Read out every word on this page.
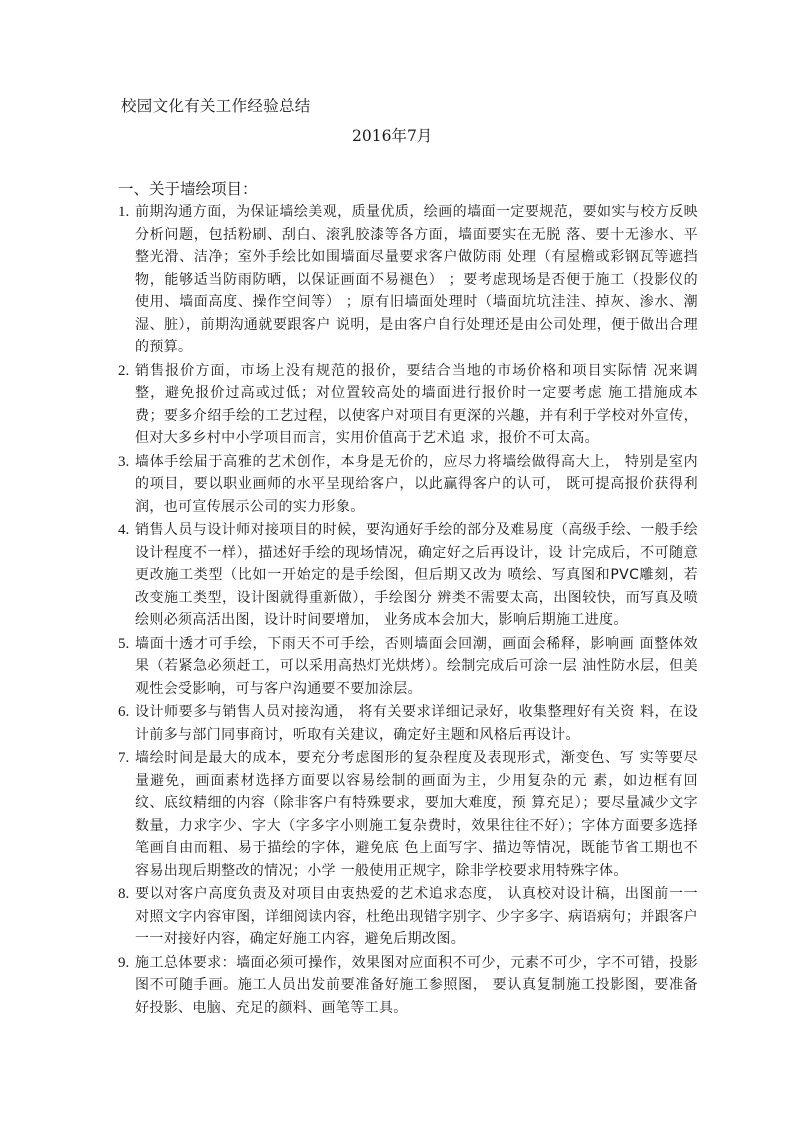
校园文化有关工作经验总结
2016年7月
一、关于墙绘项目：
1. 前期沟通方面，为保证墙绘美观，质量优质，绘画的墙面一定要规范，要如实与校方反映分析问题，包括粉刷、刮白、滚乳胶漆等各方面，墙面要实在无脱 落、要十无渗水、平整光滑、洁净；室外手绘比如围墙面尽量要求客户做防雨 处理（有屋檐或彩钢瓦等遮挡物，能够适当防雨防晒，以保证画面不易褪色） ；要考虑现场是否便于施工（投影仪的使用、墙面高度、操作空间等） ；原有旧墙面处理时（墙面坑坑洼洼、掉灰、渗水、潮湿、脏），前期沟通就要跟客户 说明，是由客户自行处理还是由公司处理，便于做出合理的预算。
2. 销售报价方面，市场上没有规范的报价，要结合当地的市场价格和项目实际情 况来调整，避免报价过高或过低；对位置较高处的墙面进行报价时一定要考虑 施工措施成本费；要多介绍手绘的工艺过程，以使客户对项目有更深的兴趣，并有利于学校对外宣传，但对大多乡村中小学项目而言，实用价值高于艺术追 求，报价不可太高。
3. 墙体手绘届于高雅的艺术创作，本身是无价的，应尽力将墙绘做得高大上， 特别是室内的项目，要以职业画师的水平呈现给客户，以此赢得客户的认可， 既可提高报价获得利润，也可宣传展示公司的实力形象。
4. 销售人员与设计师对接项目的时候，要沟通好手绘的部分及难易度（高级手绘、一般手绘设计程度不一样），描述好手绘的现场情况，确定好之后再设计，设 计完成后，不可随意更改施工类型（比如一开始定的是手绘图，但后期又改为 喷绘、写真图和PVC雕刻，若改变施工类型，设计图就得重新做），手绘图分 辨类不需要太高，出图较快，而写真及喷绘则必须高活出图，设计时间要增加， 业务成本会加大，影响后期施工进度。
5. 墙面十透才可手绘，下雨天不可手绘，否则墙面会回潮，画面会稀释，影响画 面整体效果（若紧急必须赶工，可以采用高热灯光烘烤）。绘制完成后可涂一层 油性防水层，但美观性会受影响，可与客户沟通要不要加涂层。
6. 设计师要多与销售人员对接沟通， 将有关要求详细记录好，收集整理好有关资 料，在设计前多与部门同事商讨，听取有关建议，确定好主题和风格后再设计。
7. 墙绘时间是最大的成本，要充分考虑图形的复杂程度及表现形式，渐变色、写 实等要尽量避免，画面素材选择方面要以容易绘制的画面为主，少用复杂的元 素，如边框有回纹、底纹精细的内容（除非客户有特殊要求，要加大难度，预 算充足）；要尽量减少文字数量，力求字少、字大（字多字小则施工复杂费时，效果往往不好）；字体方面要多选择笔画自由而粗、易于描绘的字体，避免底 色上面写字、描边等情况，既能节省工期也不容易出现后期整改的情况；小学 一般使用正规字，除非学校要求用特殊字体。
8. 要以对客户高度负责及对项目由衷热爱的艺术追求态度， 认真校对设计稿，出图前一一对照文字内容审图，详细阅读内容，杜绝出现错字别字、少字多字、病语病句；并跟客户一一对接好内容，确定好施工内容，避免后期改图。
9. 施工总体要求：墙面必须可操作，效果图对应面积不可少，元素不可少，字不可错，投影图不可随手画。施工人员出发前要准备好施工参照图， 要认真复制施工投影图，要准备好投影、电脑、充足的颜料、画笔等工具。
